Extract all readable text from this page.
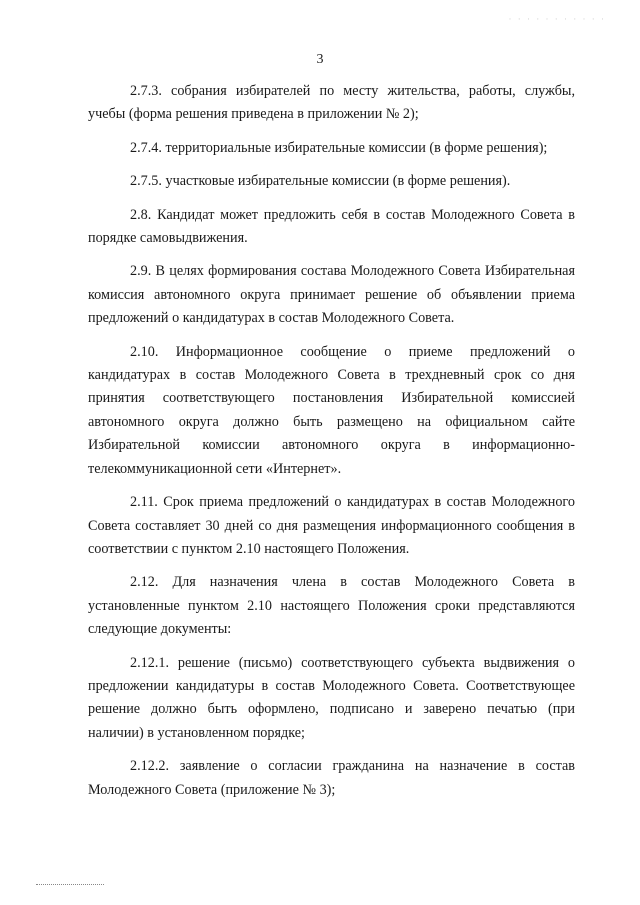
· · · · · · · · · · ·
3

2.7.3. собрания избирателей по месту жительства, работы, службы, учебы (форма решения приведена в приложении № 2);

2.7.4. территориальные избирательные комиссии (в форме решения);

2.7.5. участковые избирательные комиссии (в форме решения).

2.8. Кандидат может предложить себя в состав Молодежного Совета в порядке самовыдвижения.

2.9. В целях формирования состава Молодежного Совета Избирательная комиссия автономного округа принимает решение об объявлении приема предложений о кандидатурах в состав Молодежного Совета.

2.10. Информационное сообщение о приеме предложений о кандидатурах в состав Молодежного Совета в трехдневный срок со дня принятия соответствующего постановления Избирательной комиссией автономного округа должно быть размещено на официальном сайте Избирательной комиссии автономного округа в информационно-телекоммуникационной сети «Интернет».

2.11. Срок приема предложений о кандидатурах в состав Молодежного Совета составляет 30 дней со дня размещения информационного сообщения в соответствии с пунктом 2.10 настоящего Положения.

2.12. Для назначения члена в состав Молодежного Совета в установленные пунктом 2.10 настоящего Положения сроки представляются следующие документы:

2.12.1. решение (письмо) соответствующего субъекта выдвижения о предложении кандидатуры в состав Молодежного Совета. Соответствующее решение должно быть оформлено, подписано и заверено печатью (при наличии) в установленном порядке;

2.12.2. заявление о согласии гражданина на назначение в состав Молодежного Совета (приложение № 3);
